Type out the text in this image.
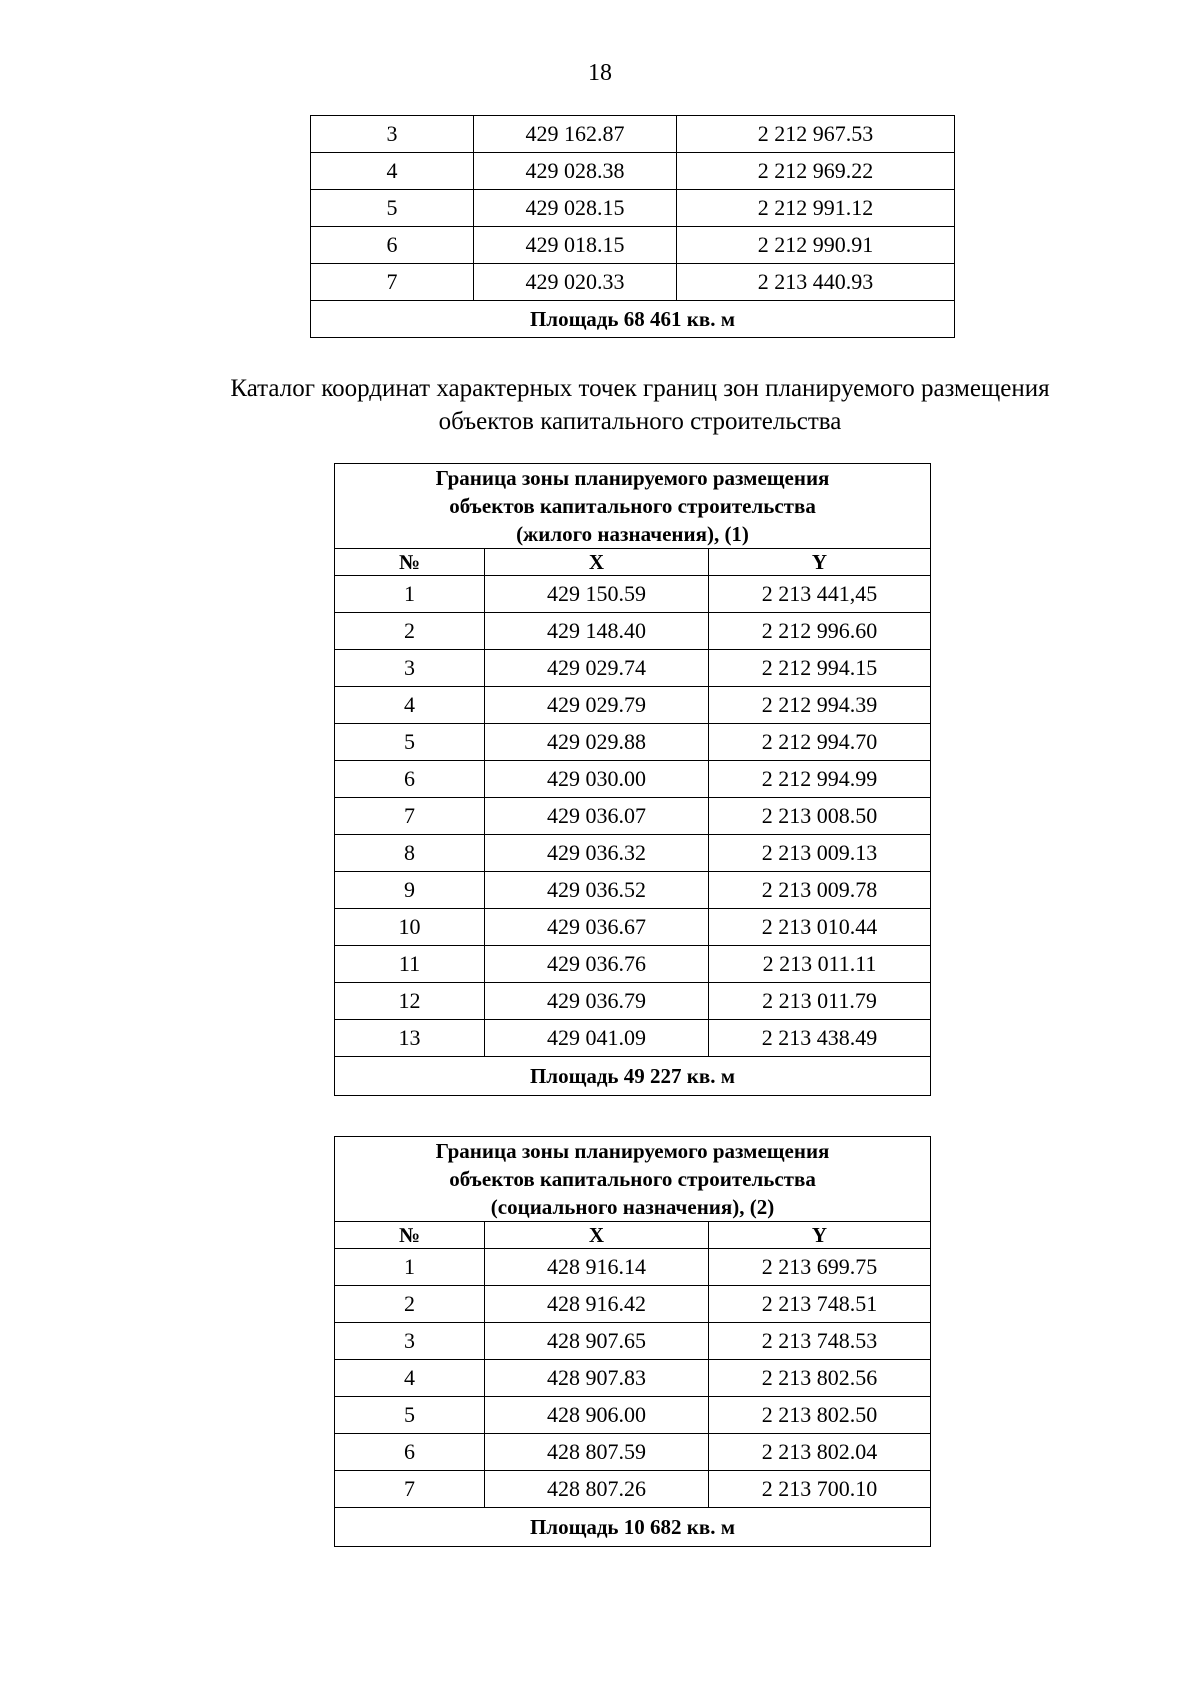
18
3	429 162.87	2 212 967.53
4	429 028.38	2 212 969.22
5	429 028.15	2 212 991.12
6	429 018.15	2 212 990.91
7	429 020.33	2 213 440.93
Площадь 68 461 кв. м		
Каталог координат характерных точек границ зон планируемого размещения
объектов капитального строительства
Граница зоны планируемого размещения
объектов капитального строительства
(жилого назначения), (1)		

№	X	Y
1	429 150.59	2 213 441,45
2	429 148.40	2 212 996.60
3	429 029.74	2 212 994.15
4	429 029.79	2 212 994.39
5	429 029.88	2 212 994.70
6	429 030.00	2 212 994.99
7	429 036.07	2 213 008.50
8	429 036.32	2 213 009.13
9	429 036.52	2 213 009.78
10	429 036.67	2 213 010.44
11	429 036.76	2 213 011.11
12	429 036.79	2 213 011.79
13	429 041.09	2 213 438.49
Площадь 49 227 кв. м		
Граница зоны планируемого размещения
объектов капитального строительства
(социального назначения), (2)		

№	X	Y
1	428 916.14	2 213 699.75
2	428 916.42	2 213 748.51
3	428 907.65	2 213 748.53
4	428 907.83	2 213 802.56
5	428 906.00	2 213 802.50
6	428 807.59	2 213 802.04
7	428 807.26	2 213 700.10
Площадь 10 682 кв. м		
